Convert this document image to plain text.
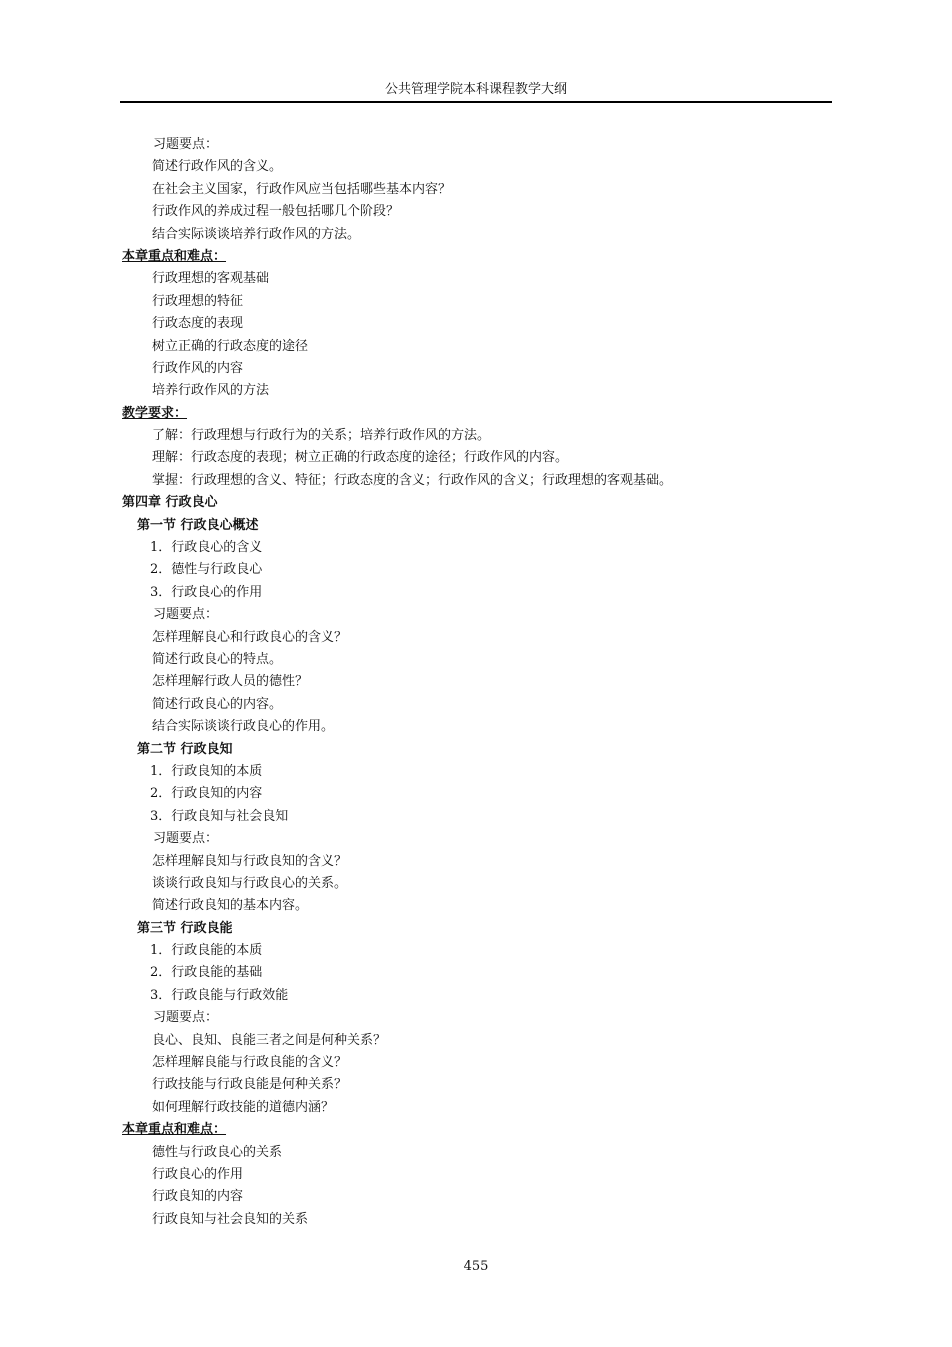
公共管理学院本科课程教学大纲
习题要点：
简述行政作风的含义。
在社会主义国家，行政作风应当包括哪些基本内容？
行政作风的养成过程一般包括哪几个阶段？
结合实际谈谈培养行政作风的方法。
本章重点和难点：
行政理想的客观基础
行政理想的特征
行政态度的表现
树立正确的行政态度的途径
行政作风的内容
培养行政作风的方法
教学要求：
了解：行政理想与行政行为的关系；培养行政作风的方法。
理解：行政态度的表现；树立正确的行政态度的途径；行政作风的内容。
掌握：行政理想的含义、特征；行政态度的含义；行政作风的含义；行政理想的客观基础。
第四章 行政良心
第一节 行政良心概述
1．行政良心的含义
2．德性与行政良心
3．行政良心的作用
习题要点：
怎样理解良心和行政良心的含义？
简述行政良心的特点。
怎样理解行政人员的德性？
简述行政良心的内容。
结合实际谈谈行政良心的作用。
第二节 行政良知
1．行政良知的本质
2．行政良知的内容
3．行政良知与社会良知
习题要点：
怎样理解良知与行政良知的含义？
谈谈行政良知与行政良心的关系。
简述行政良知的基本内容。
第三节 行政良能
1．行政良能的本质
2．行政良能的基础
3．行政良能与行政效能
习题要点：
良心、良知、良能三者之间是何种关系？
怎样理解良能与行政良能的含义？
行政技能与行政良能是何种关系？
如何理解行政技能的道德内涵？
本章重点和难点：
德性与行政良心的关系
行政良心的作用
行政良知的内容
行政良知与社会良知的关系
455
